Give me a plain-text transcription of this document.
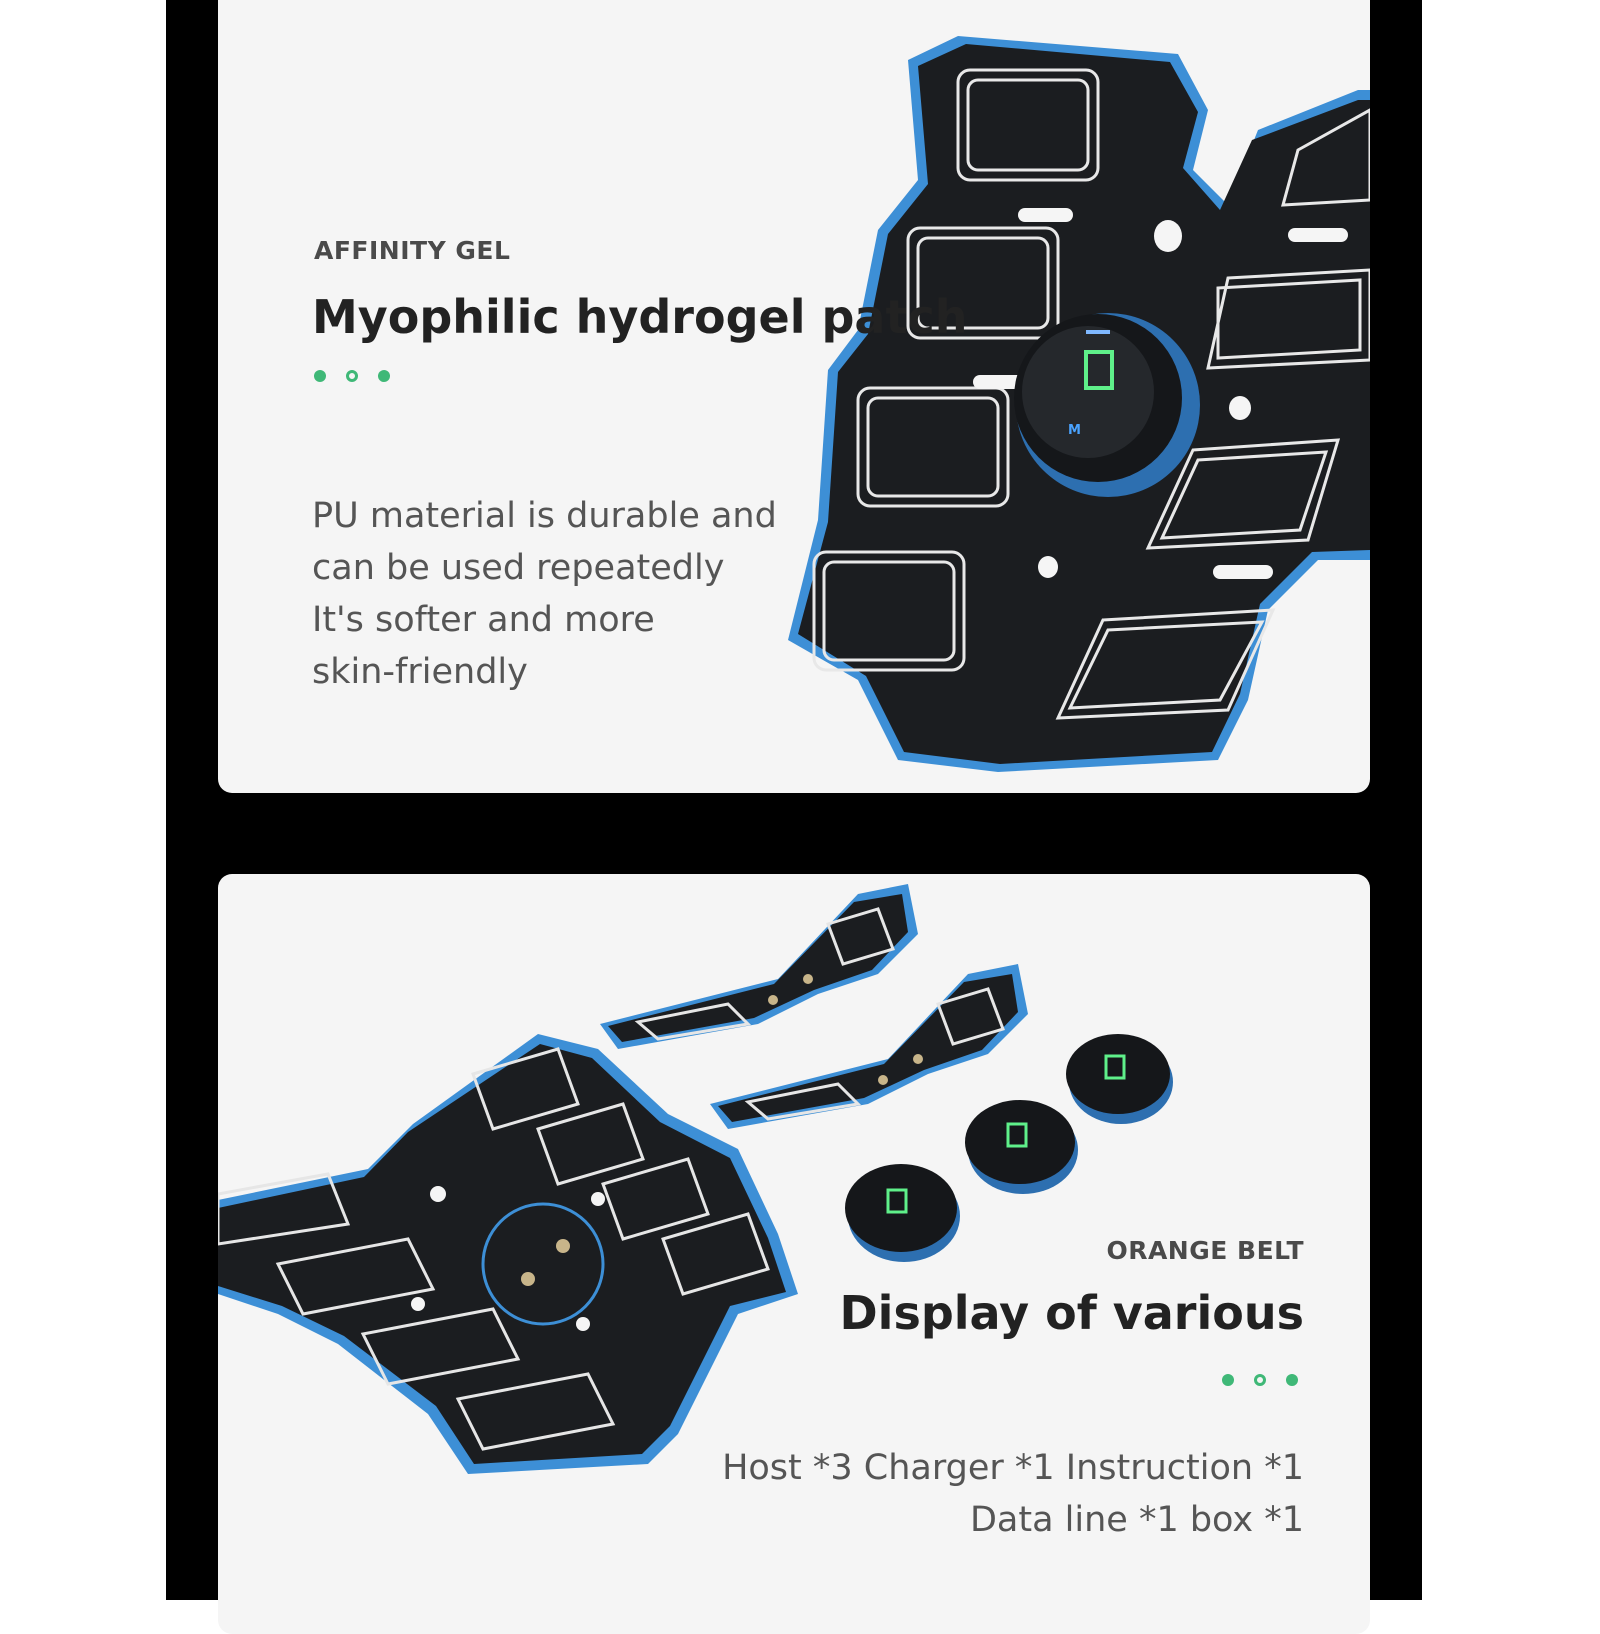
M
AFFINITY GEL
Myophilic hydrogel patch
PU material is durable and
can be used repeatedly
It's softer and more
skin-friendly
ORANGE BELT
Display of various
Host *3 Charger *1 Instruction *1
Data line *1 box *1
